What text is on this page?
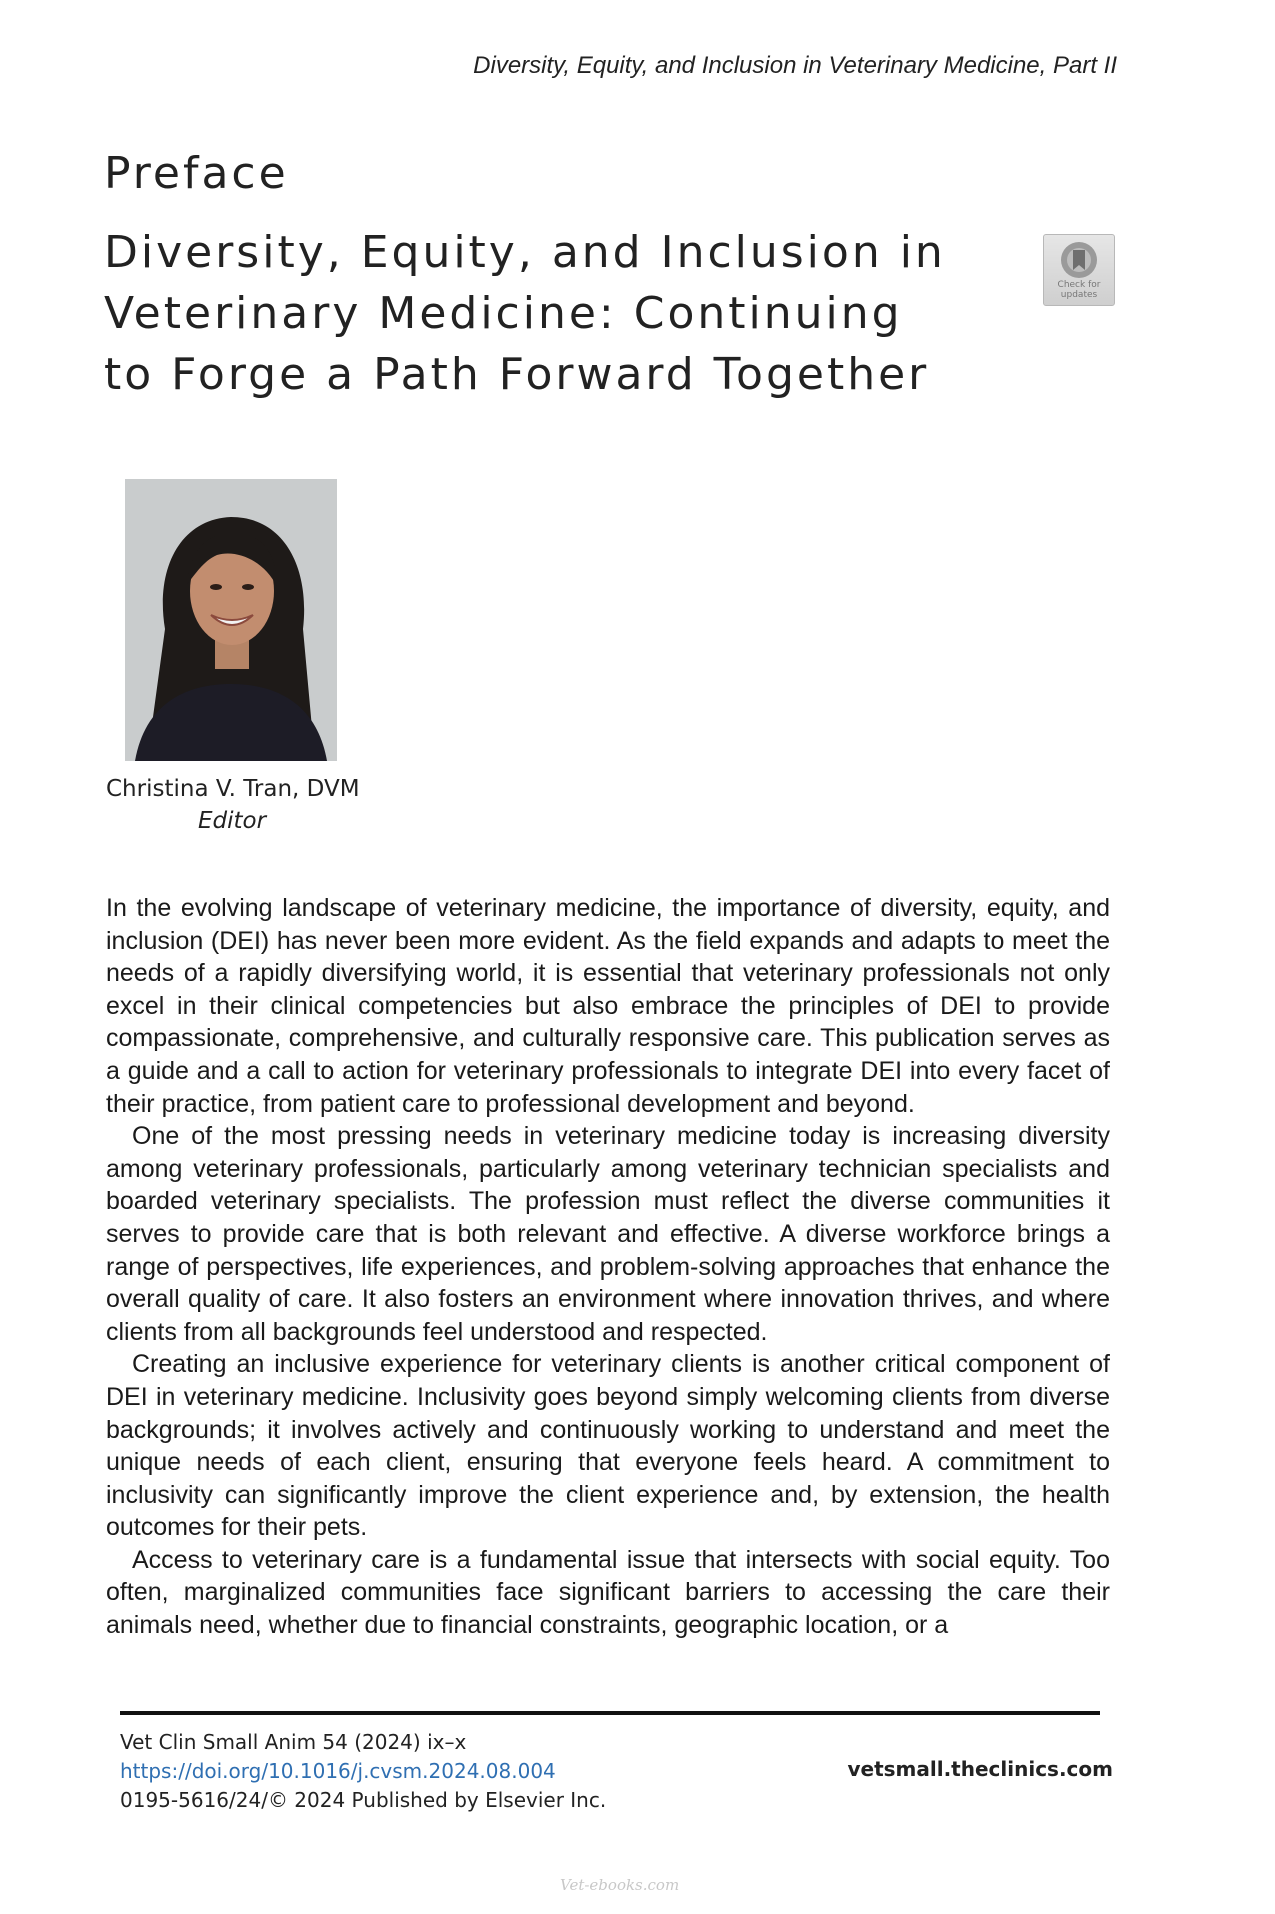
Diversity, Equity, and Inclusion in Veterinary Medicine, Part II
Preface
Diversity, Equity, and Inclusion in
Veterinary Medicine: Continuing
to Forge a Path Forward Together
Check for updates
Christina V. Tran, DVM
Editor

In the evolving landscape of veterinary medicine, the importance of diversity, equity, and inclusion (DEI) has never been more evident. As the field expands and adapts to meet the needs of a rapidly diversifying world, it is essential that veterinary professionals not only excel in their clinical competencies but also embrace the principles of DEI to provide compassionate, comprehensive, and culturally responsive care. This publication serves as a guide and a call to action for veterinary professionals to integrate DEI into every facet of their practice, from patient care to professional development and beyond.

One of the most pressing needs in veterinary medicine today is increasing diversity among veterinary professionals, particularly among veterinary technician specialists and boarded veterinary specialists. The profession must reflect the diverse communities it serves to provide care that is both relevant and effective. A diverse workforce brings a range of perspectives, life experiences, and problem-solving approaches that enhance the overall quality of care. It also fosters an environment where innovation thrives, and where clients from all backgrounds feel understood and respected.

Creating an inclusive experience for veterinary clients is another critical component of DEI in veterinary medicine. Inclusivity goes beyond simply welcoming clients from diverse backgrounds; it involves actively and continuously working to understand and meet the unique needs of each client, ensuring that everyone feels heard. A commitment to inclusivity can significantly improve the client experience and, by extension, the health outcomes for their pets.

Access to veterinary care is a fundamental issue that intersects with social equity. Too often, marginalized communities face significant barriers to accessing the care their animals need, whether due to financial constraints, geographic location, or a

Vet Clin Small Anim 54 (2024) ix–x
https://doi.org/10.1016/j.cvsm.2024.08.004
0195-5616/24/© 2024 Published by Elsevier Inc.
vetsmall.theclinics.com
Vet-ebooks.com
